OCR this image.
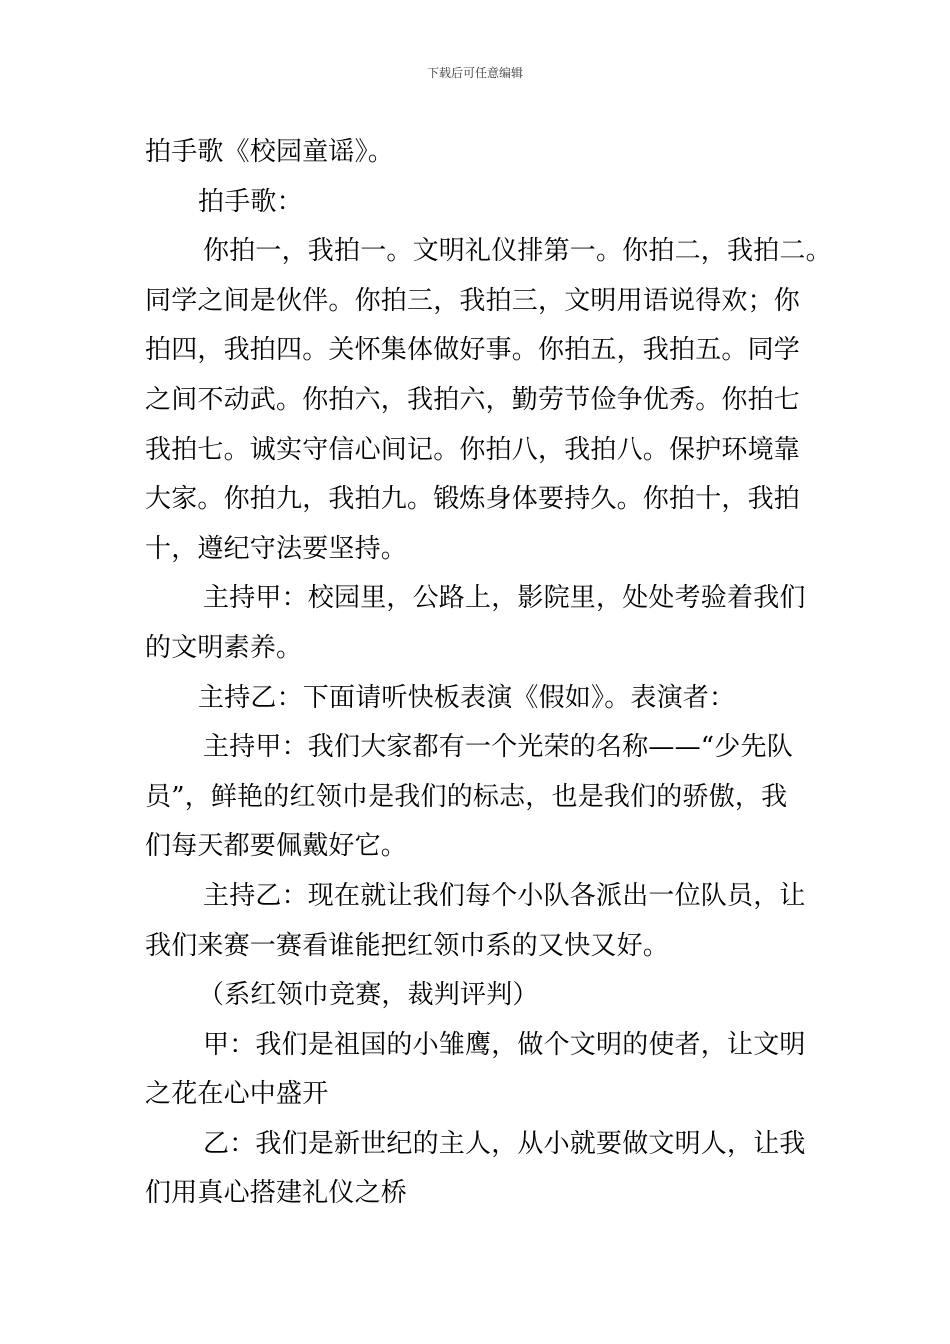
下载后可任意编辑
拍手歌《校园童谣》。
拍手歌：
你拍一，我拍一。文明礼仪排第一。你拍二，我拍二。
同学之间是伙伴。你拍三，我拍三，文明用语说得欢；你
拍四，我拍四。关怀集体做好事。你拍五，我拍五。同学
之间不动武。你拍六，我拍六，勤劳节俭争优秀。你拍七
我拍七。诚实守信心间记。你拍八，我拍八。保护环境靠
大家。你拍九，我拍九。锻炼身体要持久。你拍十，我拍
十，遵纪守法要坚持。
主持甲：校园里，公路上，影院里，处处考验着我们
的文明素养。
主持乙：下面请听快板表演《假如》。表演者：
主持甲：我们大家都有一个光荣的名称——“少先队
员”，鲜艳的红领巾是我们的标志，也是我们的骄傲，我
们每天都要佩戴好它。
主持乙：现在就让我们每个小队各派出一位队员，让
我们来赛一赛看谁能把红领巾系的又快又好。
（系红领巾竞赛，裁判评判）
甲：我们是祖国的小雏鹰，做个文明的使者，让文明
之花在心中盛开
乙：我们是新世纪的主人，从小就要做文明人，让我
们用真心搭建礼仪之桥
